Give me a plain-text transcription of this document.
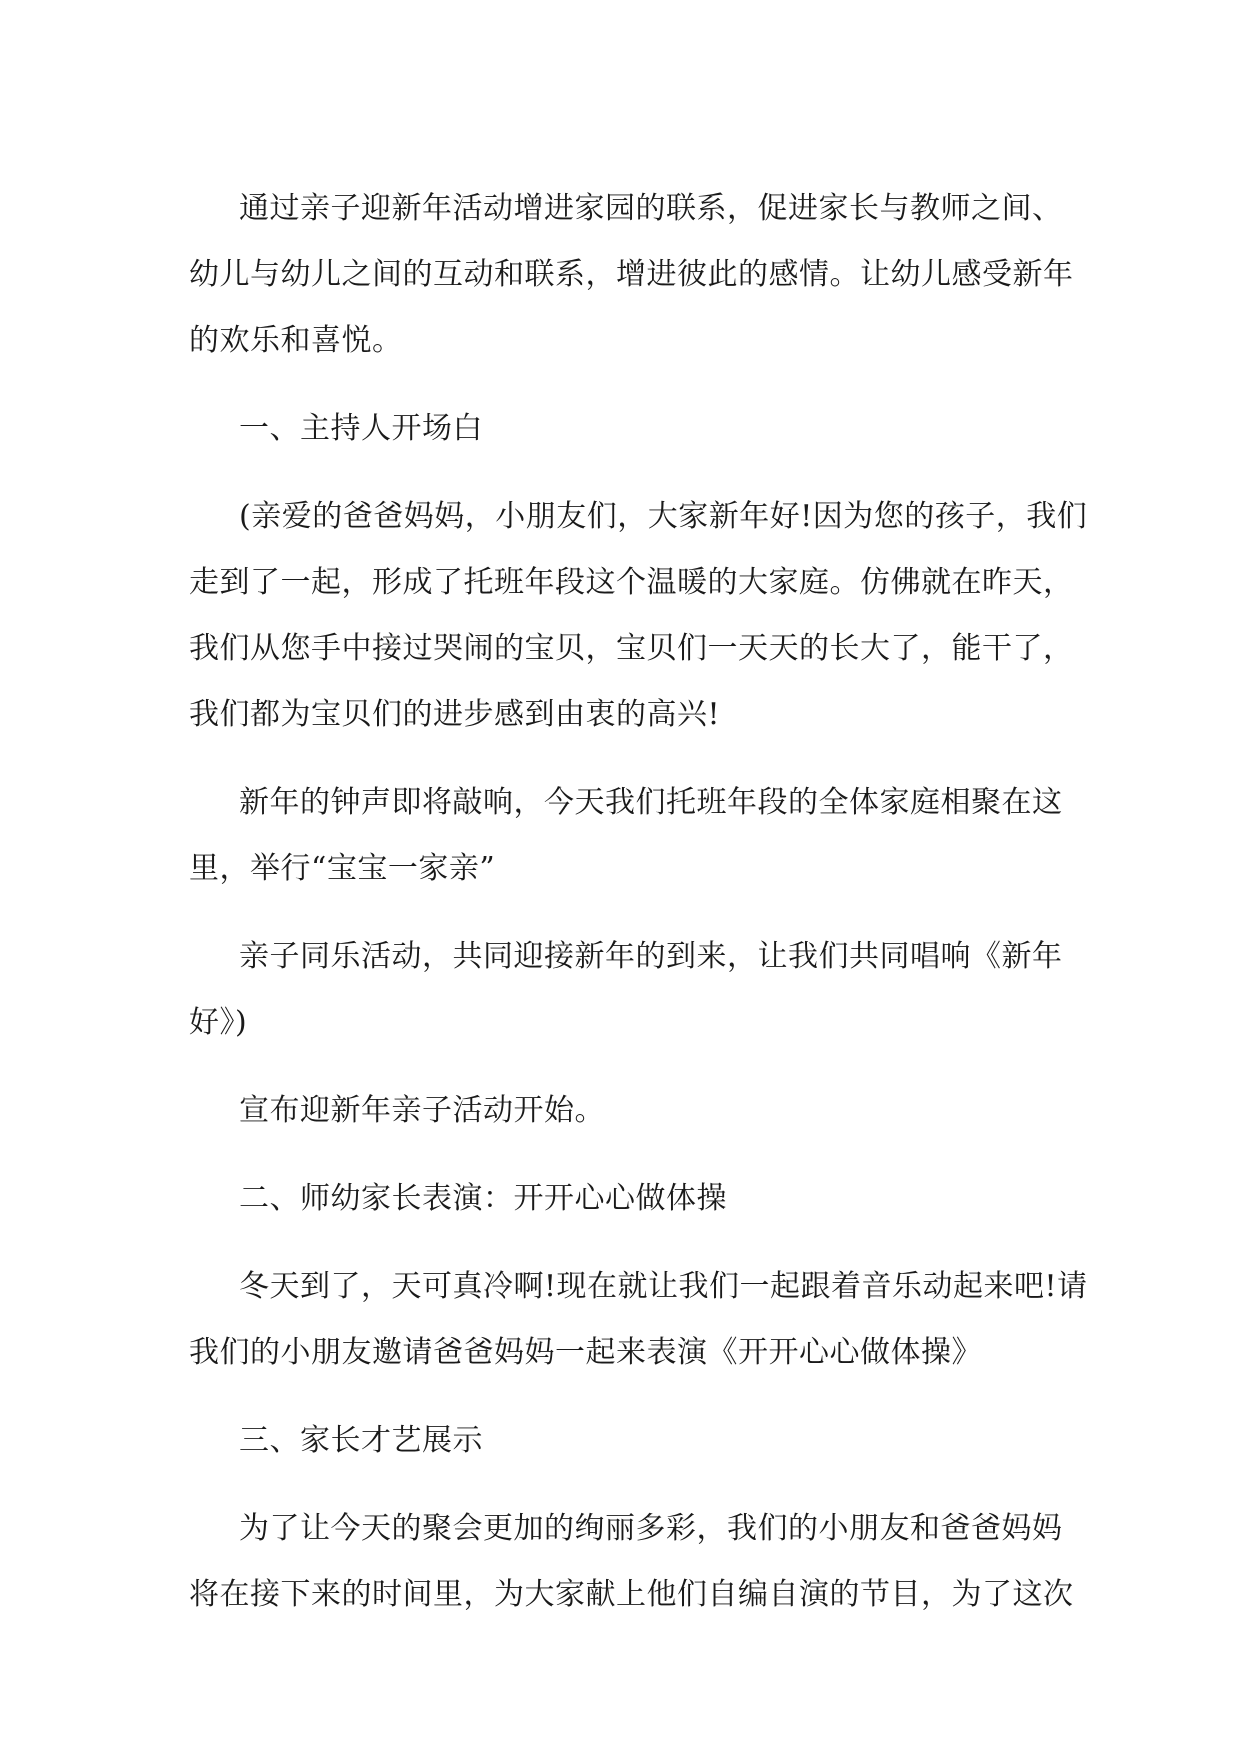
通过亲子迎新年活动增进家园的联系，促进家长与教师之间、
幼儿与幼儿之间的互动和联系，增进彼此的感情。让幼儿感受新年
的欢乐和喜悦。

一、主持人开场白

(亲爱的爸爸妈妈，小朋友们，大家新年好!因为您的孩子，我们
走到了一起，形成了托班年段这个温暖的大家庭。仿佛就在昨天，
我们从您手中接过哭闹的宝贝，宝贝们一天天的长大了，能干了，
我们都为宝贝们的进步感到由衷的高兴!

新年的钟声即将敲响，今天我们托班年段的全体家庭相聚在这
里，举行“宝宝一家亲”

亲子同乐活动，共同迎接新年的到来，让我们共同唱响《新年
好》)

宣布迎新年亲子活动开始。

二、师幼家长表演：开开心心做体操

冬天到了，天可真冷啊!现在就让我们一起跟着音乐动起来吧!请
我们的小朋友邀请爸爸妈妈一起来表演《开开心心做体操》

三、家长才艺展示

为了让今天的聚会更加的绚丽多彩，我们的小朋友和爸爸妈妈
将在接下来的时间里，为大家献上他们自编自演的节目，为了这次
